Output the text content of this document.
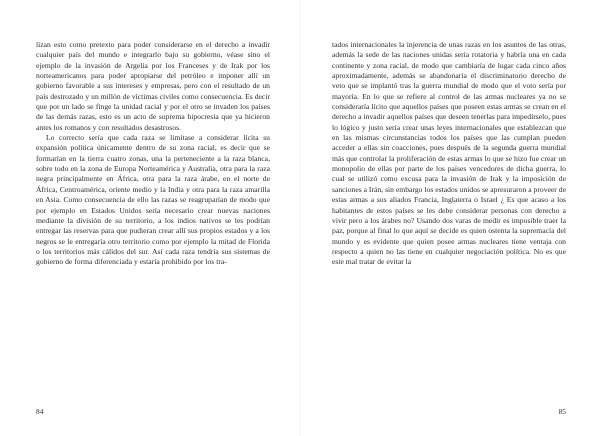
lizan esto como pretexto para poder considerarse en el derecho a invadir cualquier país del mundo e integrarlo bajo su gobierno, véase sino el ejemplo de la invasión de Argelia por los Franceses y de Irak por los norteamericanos para poder apropiarse del petróleo e imponer allí un gobierno favorable a sus intereses y empresas, pero con el resultado de un país destrozado y un millón de víctimas civiles como consecuencia. Es decir que por un lado se finge la unidad racial y por el otro se invaden los países de las demás razas, esto es un acto de suprema hipocresía que ya hicieron antes los romanos y con resultados desastrosos.

Lo correcto sería que cada raza se limitase a considerar lícita su expansión política únicamente dentro de su zona racial, es decir que se formarían en la tierra cuatro zonas, una la perteneciente a la raza blanca, sobre todo en la zona de Europa Norteamérica y Australia, otra para la raza negra principalmente en África, otra para la raza árabe, en el norte de África, Centroamérica, oriente medio y la India y otra para la raza amarilla en Asia. Como consecuencia de ello las razas se reagruparían de modo que por ejemplo en Estados Unidos sería necesario crear nuevas naciones mediante la división de su territorio, a los indios nativos se les podrían entregar las reservas para que pudieran crear allí sus propios estados y a los negros se le entregaría otro territorio como por ejemplo la mitad de Florida o los territorios más cálidos del sur. Así cada raza tendría sus sistemas de gobierno de forma diferenciada y estaría prohibido por los tra-

84

tados internacionales la injerencia de unas razas en los asuntos de las otras, además la sede de las naciones unidas sería rotatoria y habría una en cada continente y zona racial, de modo que cambiaría de lugar cada cinco años aproximadamente, además se abandonaría el discriminatorio derecho de veto que se implantó tras la guerra mundial de modo que el voto sería por mayoría. En lo que se refiere al control de las armas nucleares ya no se consideraría lícito que aquellos países que poseen estas armas se crean en el derecho a invadir aquellos países que deseen tenerlas para impedírselo, pues lo lógico y justo sería crear unas leyes internacionales que establezcan que en las mismas circunstancias todos los países que las cumplan pueden acceder a ellas sin coacciones, pues después de la segunda guerra mundial más que controlar la proliferación de estas armas lo que se hizo fue crear un monopolio de ellas por parte de los países vencedores de dicha guerra, lo cual se utilizó como excusa para la invasión de Irak y la imposición de sanciones a Irán, sin embargo los estados unidos se apresuraron a proveer de estas armas a sus aliados Francia, Inglaterra o Israel ¿ Es que acaso a los habitantes de estos países se les debe considerar personas con derecho a vivir pero a los árabes no? Usando dos varas de medir es imposible traer la paz, porque al final lo que aquí se decide es quien ostenta la supremacía del mundo y es evidente que quien posee armas nucleares tiene ventaja con respecto a quien no las tiene en cualquier negociación política. No es que este mal tratar de evitar la

85
